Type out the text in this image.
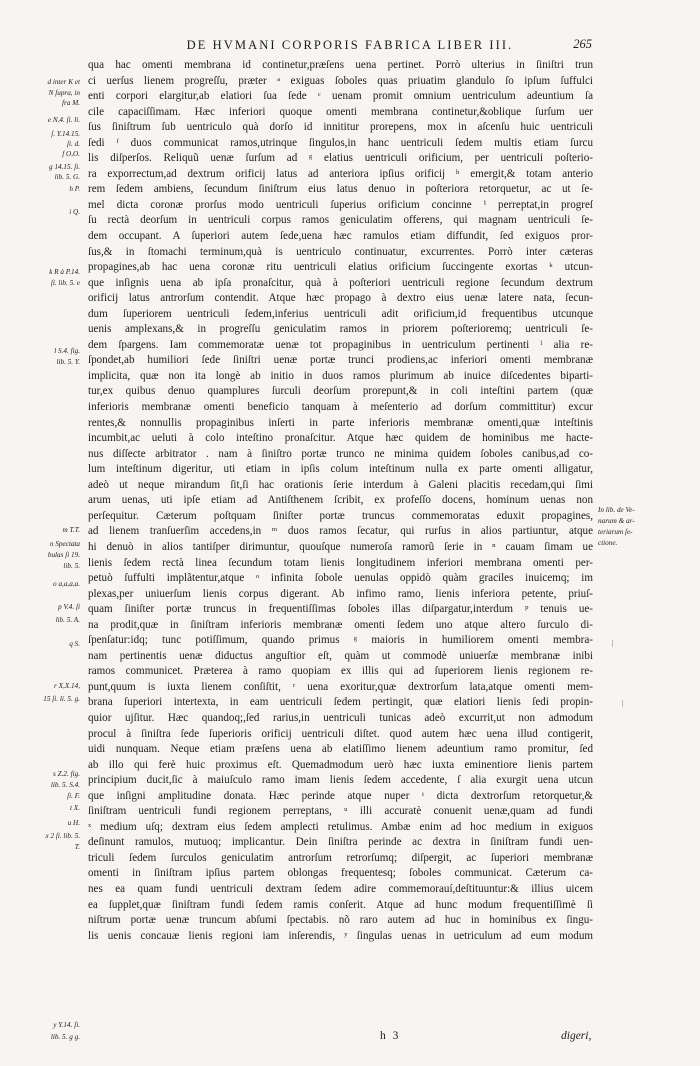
DE HVMANI CORPORIS FABRICA LIBER III.	265
qua hac omenti membrana id continetur,præſens uena pertinet. Porrò ulterius in ſiniſtri trun
ci uerſus lienem progreſſu, præter ᵃ exiguas ſoboles quas priuatim glandulo ſo ipſum ſuffulci
enti corpori elargitur,ab elatiori ſua ſede ᶜ uenam promit omnium uentriculum adeuntium ſa
cile capaciſſimam. Hæc inferiori quoque omenti membrana continetur,&oblique ſurſum uer
ſus ſiniſtrum ſub uentriculo quà dorſo id innititur prorepens, mox in aſcenſu huic uentriculi
ſedi ᶠ duos communicat ramos,utrinque ſingulos,in hanc uentriculi ſedem multis etiam ſurcu
lis diſperſos. Reliquũ uenæ ſurſum ad ᵍ elatius uentriculi orificium, per uentriculi poſterio-
ra exporrectum,ad dextrum orificij latus ad anteriora ipſius orificij ʰ emergit,& totam anterio
rem ſedem ambiens, ſecundum ſiniſtrum eius latus denuo in poſteriora retorquetur, ac ut ſe-
mel dicta coronæ prorſus modo uentriculi ſuperius orificium concinne ⁱ perreptat,in progreſ
ſu rectà deorſum in uentriculi corpus ramos geniculatim offerens, qui magnam uentriculi ſe-
dem occupant. A ſuperiori autem ſede,uena hæc ramulos etiam diffundit, ſed exiguos pror-
ſus,& in ſtomachi terminum,quà is uentriculo continuatur, excurrentes. Porrò inter cæteras
propagines,ab hac uena coronæ ritu uentriculi elatius orificium ſuccingente exortas ᵏ utcun-
que inſignis uena ab ipſa pronaſcitur, quà à poſteriori uentriculi regione ſecundum dextrum
orificij latus antrorſum contendit. Atque hæc propago à dextro eius uenæ latere nata, ſecun-
dum ſuperiorem uentriculi ſedem,inferius uentriculi adit orificium,id frequentibus utcunque
uenis amplexans,& in progreſſu geniculatim ramos in priorem poſterioremq; uentriculi ſe-
dem ſpargens. Iam commemoratæ uenæ tot propaginibus in uentriculum pertinenti ˡ alia re-
ſpondet,ab humiliori ſede ſiniſtri uenæ portæ trunci prodiens,ac inferiori omenti membranæ
implicita, quæ non ita longè ab initio in duos ramos plurimum ab inuice diſcedentes biparti-
tur,ex quibus denuo quamplures ſurculi deorſum prorepunt,& in coli inteſtini partem (quæ
inferioris membranæ omenti beneficio tanquam à meſenterio ad dorſum committitur) excur
rentes,& nonnullis propaginibus inſerti in parte inferioris membranæ omenti,quæ inteſtinis
incumbit,ac ueluti à colo inteſtino pronaſcitur. Atque hæc quidem de hominibus me hacte-
nus diſſecte arbitrator . nam à ſiniſtro portæ trunco ne minima quidem ſoboles canibus,ad co-
lum inteſtinum digeritur, uti etiam in ipſis colum inteſtinum nulla ex parte omenti alligatur,
adeò ut neque mirandum ſit,ſi hac orationis ſerie interdum à Galeni placitis recedam,qui ſimi
arum uenas, uti ipſe etiam ad Antiſthenem ſcribit, ex profeſſo docens, hominum uenas non
perſequitur. Cæterum poſtquam ſiniſter portæ truncus commemoratas eduxit propagines,
ad lienem tranſuerſim accedens,in ᵐ duos ramos ſecatur, qui rurſus in alios partiuntur, atque
hi denuò in alios tantiſper dirimuntur, quouſque numeroſa ramorũ ſerie in ⁿ cauam ſimam ue
lienis ſedem rectà linea ſecundum totam lienis longitudinem inferiori membrana omenti per-
petuò ſuffulti implãtentur,atque ᵒ infinita ſobole uenulas oppidò quàm graciles inuicemq; im
plexas,per uniuerſum lienis corpus digerant. Ab infimo ramo, lienis inferiora petente, priuſ-
quam ſiniſter portæ truncus in frequentiſſimas ſoboles illas diſpargatur,interdum ᵖ tenuis ue-
na prodit,quæ in ſiniſtram inferioris membranæ omenti ſedem uno atque altero ſurculo di-
ſpenſatur:idq; tunc potiſſimum, quando primus ᵍ maioris in humiliorem omenti membra-
nam pertinentis uenæ diductus anguſtior eſt, quàm ut commodè uniuerſæ membranæ inibi
ramos communicet. Præterea à ramo quopiam ex illis qui ad ſuperiorem lienis regionem re-
punt,quum is iuxta lienem conſiſtit, ʳ uena exoritur,quæ dextrorſum lata,atque omenti mem-
brana ſuperiori intertexta, in eam uentriculi ſedem pertingit, quæ elatiori lienis ſedi propin-
quior ujſitur. Hæc quandoq;,ſed rarius,in uentriculi tunicas adeò excurrit,ut non admodum
procul à ſiniſtra ſede ſuperioris orificij uentriculi diſtet. quod autem hæc uena illud contigerit,
uidi nunquam. Neque etiam præſens uena ab elatiſſimo lienem adeuntium ramo promitur, ſed
ab illo qui ferè huic proximus eſt. Quemadmodum uerò hæc iuxta eminentiore lienis partem
principium ducit,ſic à maiuſculo ramo imam lienis ſedem accedente, ſ alia exurgit uena utcun
que inſigni amplitudine donata. Hæc perinde atque nuper ᵗ dicta dextrorſum retorquetur,&
ſiniſtram uentriculi fundi regionem perreptans, ᵘ illi accuratè conuenit uenæ,quam ad fundi
ˣ medium uſq; dextram eius ſedem amplecti retulimus. Ambæ enim ad hoc medium in exiguos
deſinunt ramulos, mutuoq; implicantur. Dein ſiniſtra perinde ac dextra in ſiniſtram fundi uen-
triculi ſedem ſurculos geniculatim antrorſum retrorſumq; diſpergit, ac ſuperiori membranæ
omenti in ſiniſtram ipſius partem oblongas frequentesq; ſoboles communicat. Cæterum ca-
nes ea quam fundi uentriculi dextram ſedem adire commemorauí,deſtituuntur:& illius uicem
ea ſupplet,quæ ſiniſtram fundi ſedem ramis conſerit. Atque ad hunc modum frequentiſſimè ſi
niſtrum portæ uenæ truncum abſumi ſpectabis. nõ raro autem ad huc in hominibus ex ſingu-
lis uenis concauæ lienis regioni iam inſerendis, ʸ ſingulas uenas in uetriculum ad eum modum
d inter K et
N ſupra, in
fra M.
e N.4. ſi. li.
ſ. Y.14.15.
ſi. d.
f O,O.
g 14.15. ſi.
lib. 5. G.
h P.
i Q.
k R à P.14.
ſi. lib. 5. e
l S.4. fig.
lib. 5. Y.
m T.T.
n Spectata
bulas ſi 19.
lib. 5.
o a,a,a,a.
p V.4. ſi
lib. 5. A.
q S.
r X,X.14,
15 ſi. li. 5. g.
s Z.2. fig.
lib. 5. S.4.
ſi. F.
t X.
u H.
x 2 ſi. lib. 5.
T.
y Y.14. ſi.
lib. 5. g g.
In lib. de Ve-
narum & ar-
teriarum ſe-
ctione.
h 3	digeri,
